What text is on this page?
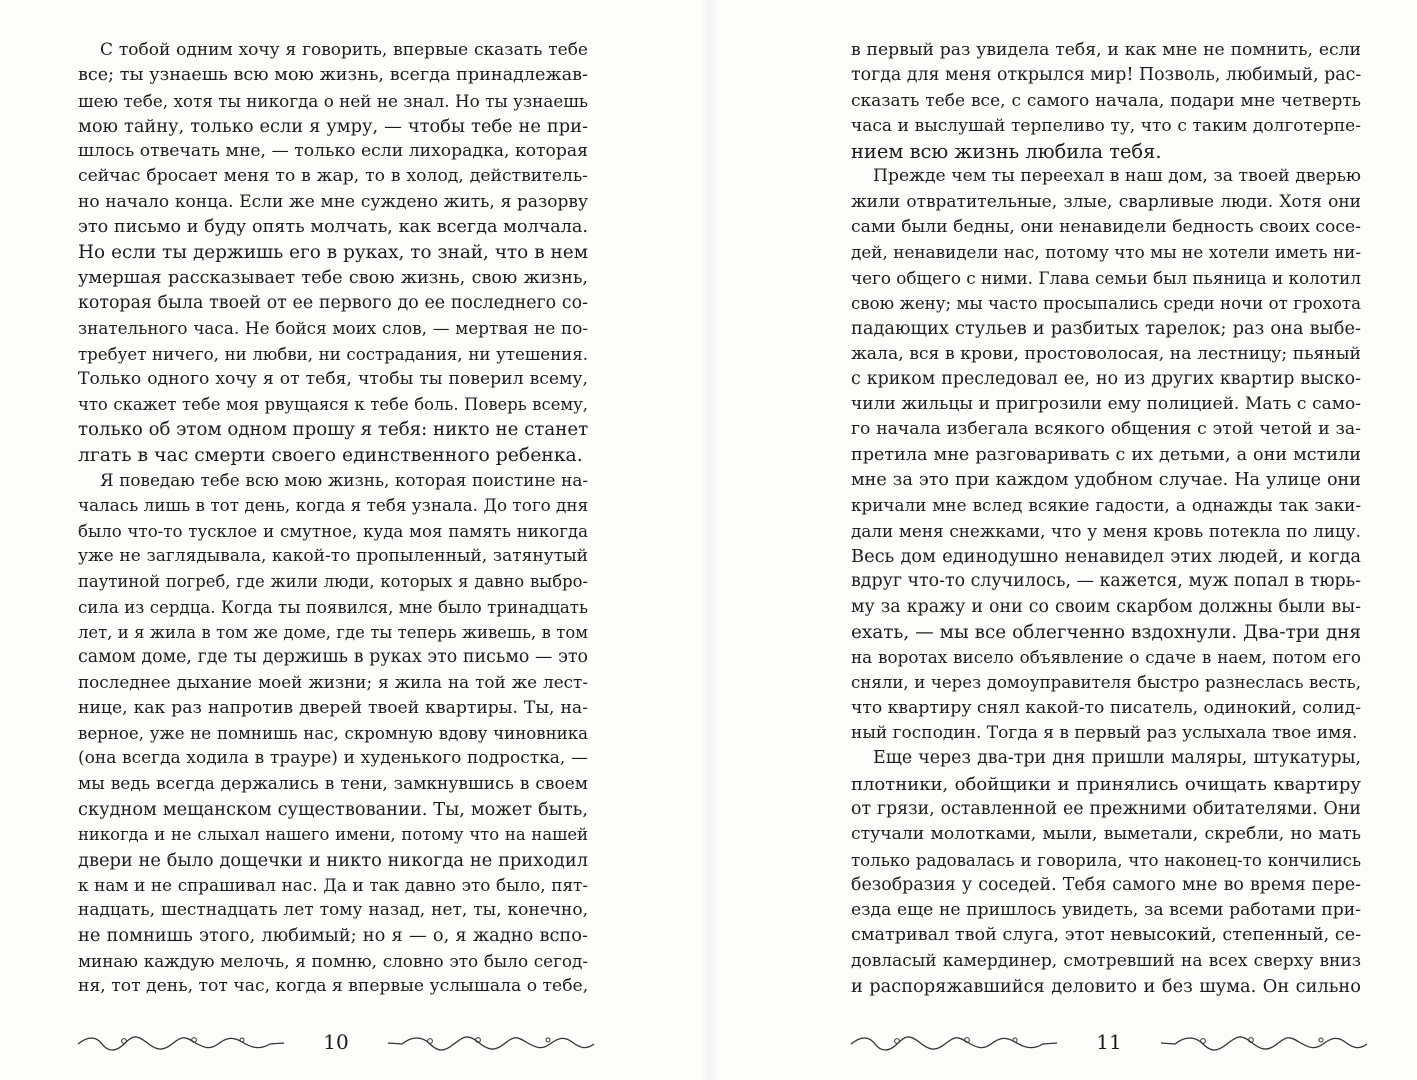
С тобой одним хочу я говорить, впервые сказать тебе
все; ты узнаешь всю мою жизнь, всегда принадлежав-
шею тебе, хотя ты никогда о ней не знал. Но ты узнаешь
мою тайну, только если я умру, — чтобы тебе не при-
шлось отвечать мне, — только если лихорадка, которая
сейчас бросает меня то в жар, то в холод, действитель-
но начало конца. Если же мне суждено жить, я разорву
это письмо и буду опять молчать, как всегда молчала.
Но если ты держишь его в руках, то знай, что в нем
умершая рассказывает тебе свою жизнь, свою жизнь,
которая была твоей от ее первого до ее последнего со-
знательного часа. Не бойся моих слов, — мертвая не по-
требует ничего, ни любви, ни сострадания, ни утешения.
Только одного хочу я от тебя, чтобы ты поверил всему,
что скажет тебе моя рвущаяся к тебе боль. Поверь всему,
только об этом одном прошу я тебя: никто не станет
лгать в час смерти своего единственного ребенка.
Я поведаю тебе всю мою жизнь, которая поистине на-
чалась лишь в тот день, когда я тебя узнала. До того дня
было что-то тусклое и смутное, куда моя память никогда
уже не заглядывала, какой-то пропыленный, затянутый
паутиной погреб, где жили люди, которых я давно выбро-
сила из сердца. Когда ты появился, мне было тринадцать
лет, и я жила в том же доме, где ты теперь живешь, в том
самом доме, где ты держишь в руках это письмо — это
последнее дыхание моей жизни; я жила на той же лест-
нице, как раз напротив дверей твоей квартиры. Ты, на-
верное, уже не помнишь нас, скромную вдову чиновника
(она всегда ходила в трауре) и худенького подростка, —
мы ведь всегда держались в тени, замкнувшись в своем
скудном мещанском существовании. Ты, может быть,
никогда и не слыхал нашего имени, потому что на нашей
двери не было дощечки и никто никогда не приходил
к нам и не спрашивал нас. Да и так давно это было, пят-
надцать, шестнадцать лет тому назад, нет, ты, конечно,
не помнишь этого, любимый; но я — о, я жадно вспо-
минаю каждую мелочь, я помню, словно это было сегод-
ня, тот день, тот час, когда я впервые услышала о тебе,
10
в первый раз увидела тебя, и как мне не помнить, если
тогда для меня открылся мир! Позволь, любимый, рас-
сказать тебе все, с самого начала, подари мне четверть
часа и выслушай терпеливо ту, что с таким долготерпе-
нием всю жизнь любила тебя.
Прежде чем ты переехал в наш дом, за твоей дверью
жили отвратительные, злые, сварливые люди. Хотя они
сами были бедны, они ненавидели бедность своих сосе-
дей, ненавидели нас, потому что мы не хотели иметь ни-
чего общего с ними. Глава семьи был пьяница и колотил
свою жену; мы часто просыпались среди ночи от грохота
падающих стульев и разбитых тарелок; раз она выбе-
жала, вся в крови, простоволосая, на лестницу; пьяный
с криком преследовал ее, но из других квартир выско-
чили жильцы и пригрозили ему полицией. Мать с само-
го начала избегала всякого общения с этой четой и за-
претила мне разговаривать с их детьми, а они мстили
мне за это при каждом удобном случае. На улице они
кричали мне вслед всякие гадости, а однажды так заки-
дали меня снежками, что у меня кровь потекла по лицу.
Весь дом единодушно ненавидел этих людей, и когда
вдруг что-то случилось, — кажется, муж попал в тюрь-
му за кражу и они со своим скарбом должны были вы-
ехать, — мы все облегченно вздохнули. Два-три дня
на воротах висело объявление о сдаче в наем, потом его
сняли, и через домоуправителя быстро разнеслась весть,
что квартиру снял какой-то писатель, одинокий, солид-
ный господин. Тогда я в первый раз услыхала твое имя.
Еще через два-три дня пришли маляры, штукатуры,
плотники, обойщики и принялись очищать квартиру
от грязи, оставленной ее прежними обитателями. Они
стучали молотками, мыли, выметали, скребли, но мать
только радовалась и говорила, что наконец-то кончились
безобразия у соседей. Тебя самого мне во время пере-
езда еще не пришлось увидеть, за всеми работами при-
сматривал твой слуга, этот невысокий, степенный, се-
довласый камердинер, смотревший на всех сверху вниз
и распоряжавшийся деловито и без шума. Он сильно
11
